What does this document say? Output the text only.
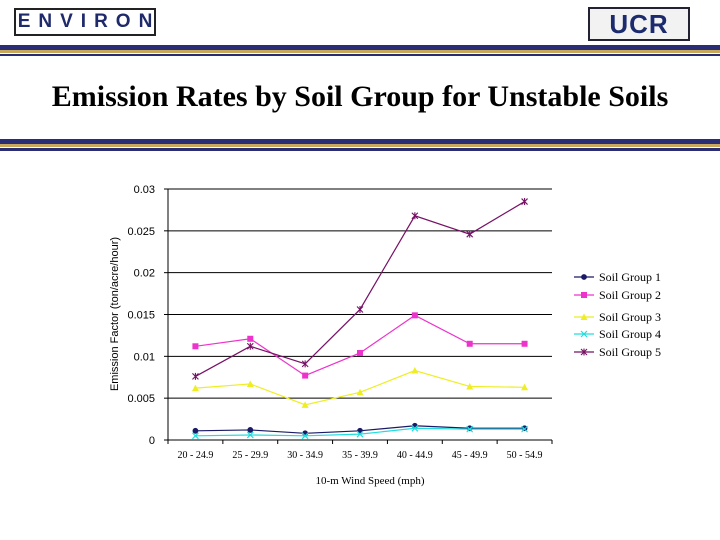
ENVIRON	UCR
Emission Rates by Soil Group for Unstable Soils
0
0.005
0.01
0.015
0.02
0.025
0.03
20 - 24.9 25 - 29.9 30 - 34.9 35 - 39.9 40 - 44.9 45 - 49.9 50 - 54.9
10-m Wind Speed (mph)
Emission Factor (ton/acre/hour)	Soil Group 1
Soil Group 2
Soil Group 3
Soil Group 4
Soil Group 5
